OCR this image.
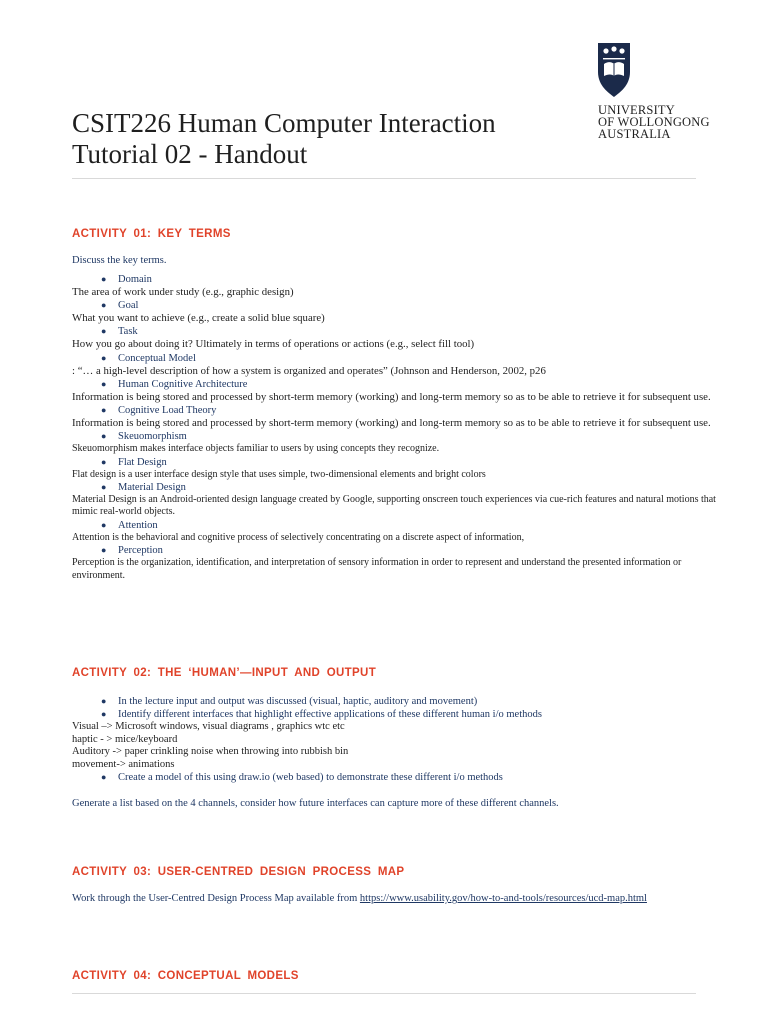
CSIT226 Human Computer Interaction
Tutorial 02 - Handout
UNIVERSITY
OF WOLLONGONG
AUSTRALIA
ACTIVITY 01: KEY TERMS
Discuss the key terms.
● Domain
The area of work under study (e.g., graphic design)
● Goal
What you want to achieve (e.g., create a solid blue square)
● Task
How you go about doing it? Ultimately in terms of operations or actions (e.g., select fill tool)
● Conceptual Model
: “… a high-level description of how a system is organized and operates” (Johnson and Henderson, 2002, p26
● Human Cognitive Architecture
Information is being stored and processed by short-term memory (working) and long-term memory so as to be able to retrieve it for subsequent use.
● Cognitive Load Theory
Information is being stored and processed by short-term memory (working) and long-term memory so as to be able to retrieve it for subsequent use.
● Skeuomorphism
Skeuomorphism makes interface objects familiar to users by using concepts they recognize.
● Flat Design
Flat design is a user interface design style that uses simple, two-dimensional elements and bright colors
● Material Design
Material Design is an Android-oriented design language created by Google, supporting onscreen touch experiences via cue-rich features and natural motions that mimic real-world objects.
● Attention
Attention is the behavioral and cognitive process of selectively concentrating on a discrete aspect of information,
● Perception
Perception is the organization, identification, and interpretation of sensory information in order to represent and understand the presented information or environment.
ACTIVITY 02: THE ‘HUMAN’—INPUT AND OUTPUT
● In the lecture input and output was discussed (visual, haptic, auditory and movement)
● Identify different interfaces that highlight effective applications of these different human i/o methods
Visual –> Microsoft windows, visual diagrams , graphics wtc etc
haptic - > mice/keyboard
Auditory -> paper crinkling noise when throwing into rubbish bin
movement-> animations
● Create a model of this using draw.io (web based) to demonstrate these different i/o methods
Generate a list based on the 4 channels, consider how future interfaces can capture more of these different channels.
ACTIVITY 03: USER-CENTRED DESIGN PROCESS MAP
Work through the User-Centred Design Process Map available from https://www.usability.gov/how-to-and-tools/resources/ucd-map.html
ACTIVITY 04: CONCEPTUAL MODELS
